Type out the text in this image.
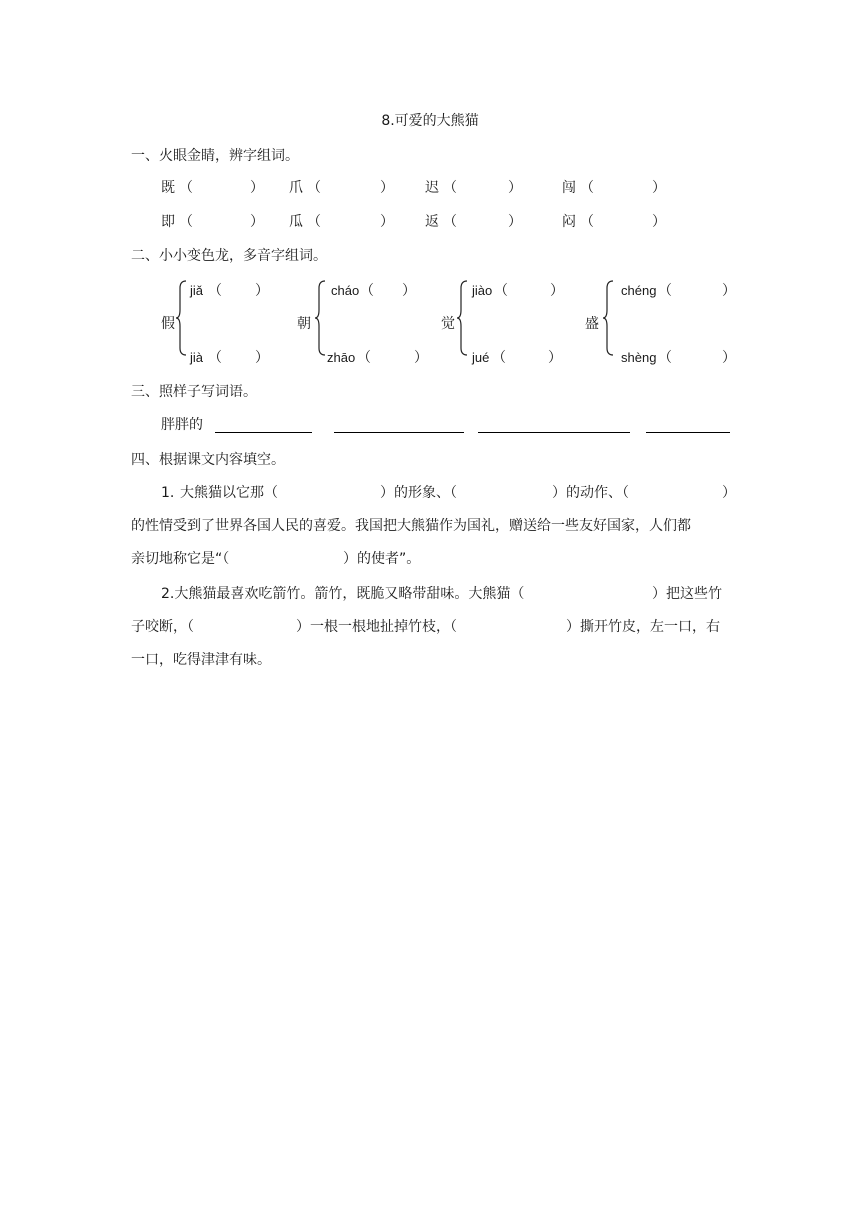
8.可爱的大熊猫
一、火眼金睛，辨字组词。
既 （	） 爪 （	） 迟 （	）	闯 （	）
即 （	） 瓜 （	） 返 （	）	闷 （	）
二、小小变色龙，多音字组词。
假
jiǎ （ ）
jià （ ）
朝
cháo （ ）
zhāo （	）
觉
jiào （	）
jué （	）
盛
chéng （	）
shèng （	）
三、照样子写词语。
胖胖的
四、根据课文内容填空。
1. 大熊猫以它那（	）的形象、（	）的动作、（	）
的性情受到了世界各国人民的喜爱。我国把大熊猫作为国礼，赠送给一些友好国家，人们都
亲切地称它是“（	）的使者”。
2.大熊猫最喜欢吃箭竹。箭竹，既脆又略带甜味。大熊猫（	）把这些竹
子咬断，（	）一根一根地扯掉竹枝，（	）撕开竹皮，左一口，右
一口，吃得津津有味。
